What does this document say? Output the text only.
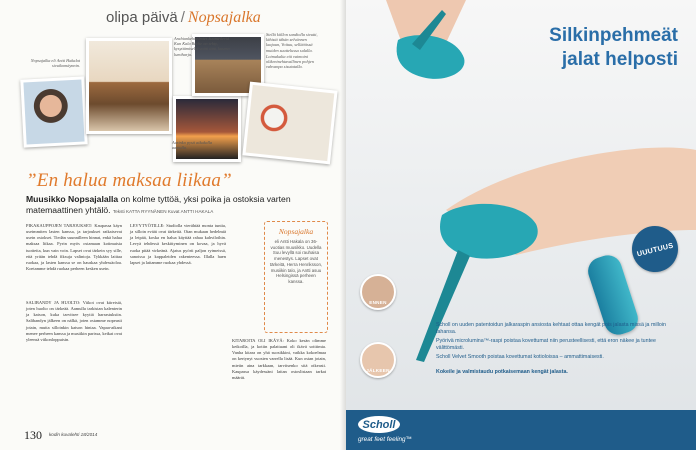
olipa päivä / Nopsajalka
Arabiankehitelmies kuumeileviä. Kun Kala Beche on tehty, kysyttämisellä voitti tätä, kuuma lumiharja.
Siellä kiillon sandiolla sivutti, lähistä tähän selvännen laajuun, Voituu, sellätöissä muiden suuttelussa sulalla.
Nopsajalka eli Antti Hakalat sivuikomäynnin.
Aurinko pysti aikakalla aamulla.
Loimakalta eiä vaimoini olikeninehtavallinen pohjen vahvanpa sisutatalla.
”En halua maksaa liikaa”
Muusikko Nopsajalalla on kolme tyttöä, yksi poika ja ostoksia varten matemaattinen yhtälö. Teksti KATTA RYYNÄNEN Kuvat ANTTI HAKALA

PIKAKAUPPOJEN TARJOUKSET: Kaupassa käyn useimmiten lasten kanssa, ja tarjoukset ratkaisevat usein ostokset. Tiedän suunnilleen hinnat, enkä halua maksaa liikaa. Pyrin myös ostamaan kotimaisia tuotteita, kun vain voin. Lapset ovat tärkein syy sille, että yritän tehdä fiksuja valintoja. Tykkään laittaa ruokaa, ja lasten kanssa se on hauskaa yhdessäoloa. Koetamme tehdä ruokaa perheen kesken usein.

SALIBANDY JA HUOLTO: Viikot ovat kiireisiä, joten huolto on tärkeää. Aamulla tarkistan kalenterin ja katson, kuka tarvitsee kyytiä harrastuksiin. Salibandyn jälkeen on nälkä, joten ostamme nopeasti jotain, mutta silloinkin katson hintaa. Vapaa-aikani menee perheen kanssa ja musiikin parissa, keikat ovat yleensä viikonloppuisin.

LEVYTYÖTILLE: Studiolla vierähtää monta tuntia, ja silloin eväät ovat tärkeitä. Otan mukaan hedelmiä ja leipää, koska en halua käyttää rahaa kahviloihin. Levyä tehdessä keskittyminen on kovaa, ja hyvä ruoka pitää virkeänä. Ajatus pyörii paljon rytmeissä, sanoissa ja kappaleiden rakenteessa. Illalla haen lapset ja laitamme ruokaa yhdessä.

KITAROITA OLI IKÄVÄ: Koko kesän olimme keikoilla, ja kotiin palattuani oli ikävä soittimia. Vanha kitara on yhä suosikkini, vaikka kokoelmaa on kertynyt vuosien varrella lisää. Kun ostan jotain, mietin aina tarkkaan, tarvitsenko sitä oikeasti. Kaupassa käydessäni laitan ostoslistaan tarkat määrät.

Nopsajalka
eli Antti Hakala on 36-vuotias muusikko. Uudella Suu levyllä soi rauhaisa menestys. Lapset ovat tärkeitä, Herra Henriksson, musiikin talo, ja Antti asuu Helsingissä perheen kanssa.
130 kodin kuvalehti 18/2014
Silkinpehmeät
jalat helposti
UUUTUUS
ENNEN
JÄLKEEN
Scholl on uuden patentoidun jalkaraspin ansiosta kehtaat ottaa kengät pois jalasta missä ja milloin tahansa.
Pyörivä microlumina™-raspi poistaa kovettumat niin perusteellisesti, että eron näkee ja tuntee välittömästi.
Scholl Velvet Smooth poistaa kovettumat kotioloissa – ammattimaisesti.
Kokeile ja valmistaudu potkaisemaan kengät jalasta.
Scholl
great feet feeling™
